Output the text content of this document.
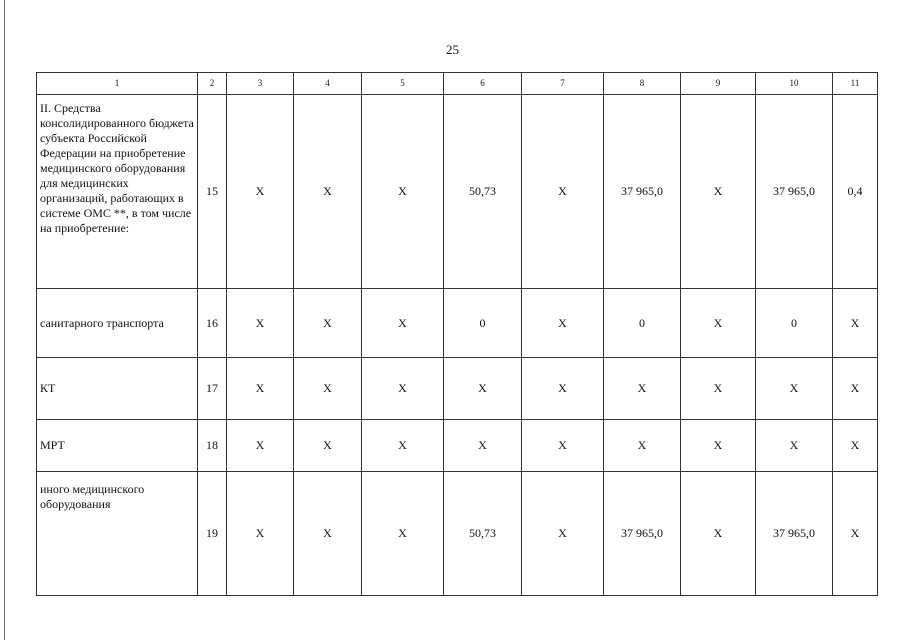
25
1	2	3	4	5	6	7	8	9	10	11
II. Средства консолидированного бюджета субъекта Российской Федерации на приобретение медицинского оборудования для медицинских организаций, работающих в системе ОМС **, в том числе на приобретение:	15	X	X	X	50,73	X	37 965,0	X	37 965,0	0,4
санитарного транспорта	16	X	X	X	0	X	0	X	0	X
КТ	17	X	X	X	X	X	X	X	X	X
МРТ	18	X	X	X	X	X	X	X	X	X
иного медицинского оборудования	19	X	X	X	50,73	X	37 965,0	X	37 965,0	X
